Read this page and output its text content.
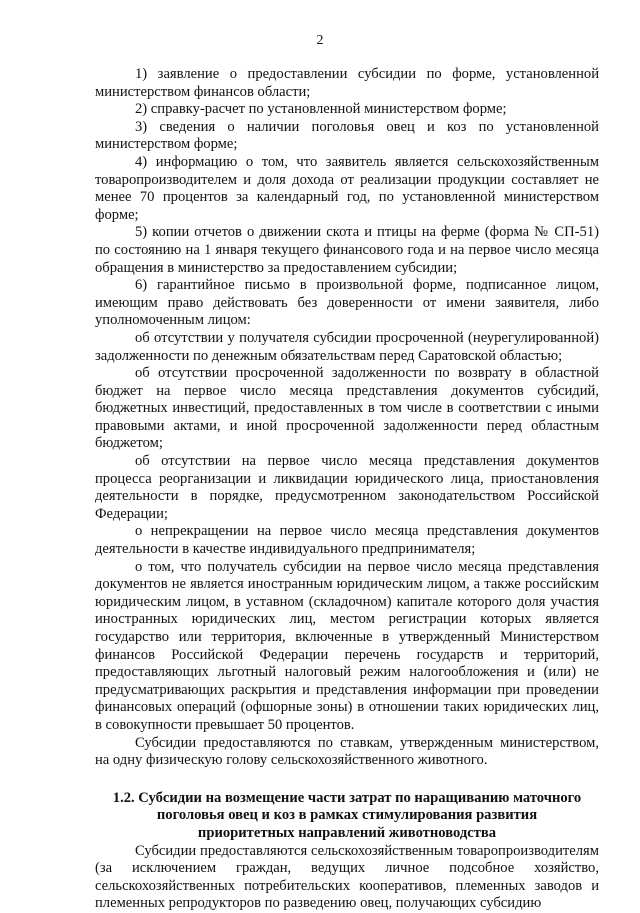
2

1) заявление о предоставлении субсидии по форме, установленной министерством финансов области;

2) справку-расчет по установленной министерством форме;

3) сведения о наличии поголовья овец и коз по установленной министерством форме;

4) информацию о том, что заявитель является сельскохозяйственным товаропроизводителем и доля дохода от реализации продукции составляет не менее 70 процентов за календарный год, по установленной министерством форме;

5) копии отчетов о движении скота и птицы на ферме (форма № СП-51) по состоянию на 1 января текущего финансового года и на первое число месяца обращения в министерство за предоставлением субсидии;

6) гарантийное письмо в произвольной форме, подписанное лицом, имеющим право действовать без доверенности от имени заявителя, либо уполномоченным лицом:

об отсутствии у получателя субсидии просроченной (неурегулированной) задолженности по денежным обязательствам перед Саратовской областью;

об отсутствии просроченной задолженности по возврату в областной бюджет на первое число месяца представления документов субсидий, бюджетных инвестиций, предоставленных в том числе в соответствии с иными правовыми актами, и иной просроченной задолженности перед областным бюджетом;

об отсутствии на первое число месяца представления документов процесса реорганизации и ликвидации юридического лица, приостановления деятельности в порядке, предусмотренном законодательством Российской Федерации;

о непрекращении на первое число месяца представления документов деятельности в качестве индивидуального предпринимателя;

о том, что получатель субсидии на первое число месяца представления документов не является иностранным юридическим лицом, а также российским юридическим лицом, в уставном (складочном) капитале которого доля участия иностранных юридических лиц, местом регистрации которых является государство или территория, включенные в утвержденный Министерством финансов Российской Федерации перечень государств и территорий, предоставляющих льготный налоговый режим налогообложения и (или) не предусматривающих раскрытия и представления информации при проведении финансовых операций (офшорные зоны) в отношении таких юридических лиц, в совокупности превышает 50 процентов.

Субсидии предоставляются по ставкам, утвержденным министерством, на одну физическую голову сельскохозяйственного животного.

1.2. Субсидии на возмещение части затрат по наращиванию маточного
поголовья овец и коз в рамках стимулирования развития
приоритетных направлений животноводства

Субсидии предоставляются сельскохозяйственным товаропроизводителям (за исключением граждан, ведущих личное подсобное хозяйство, сельскохозяйственных потребительских кооперативов, племенных заводов и племенных репродукторов по разведению овец, получающих субсидию
